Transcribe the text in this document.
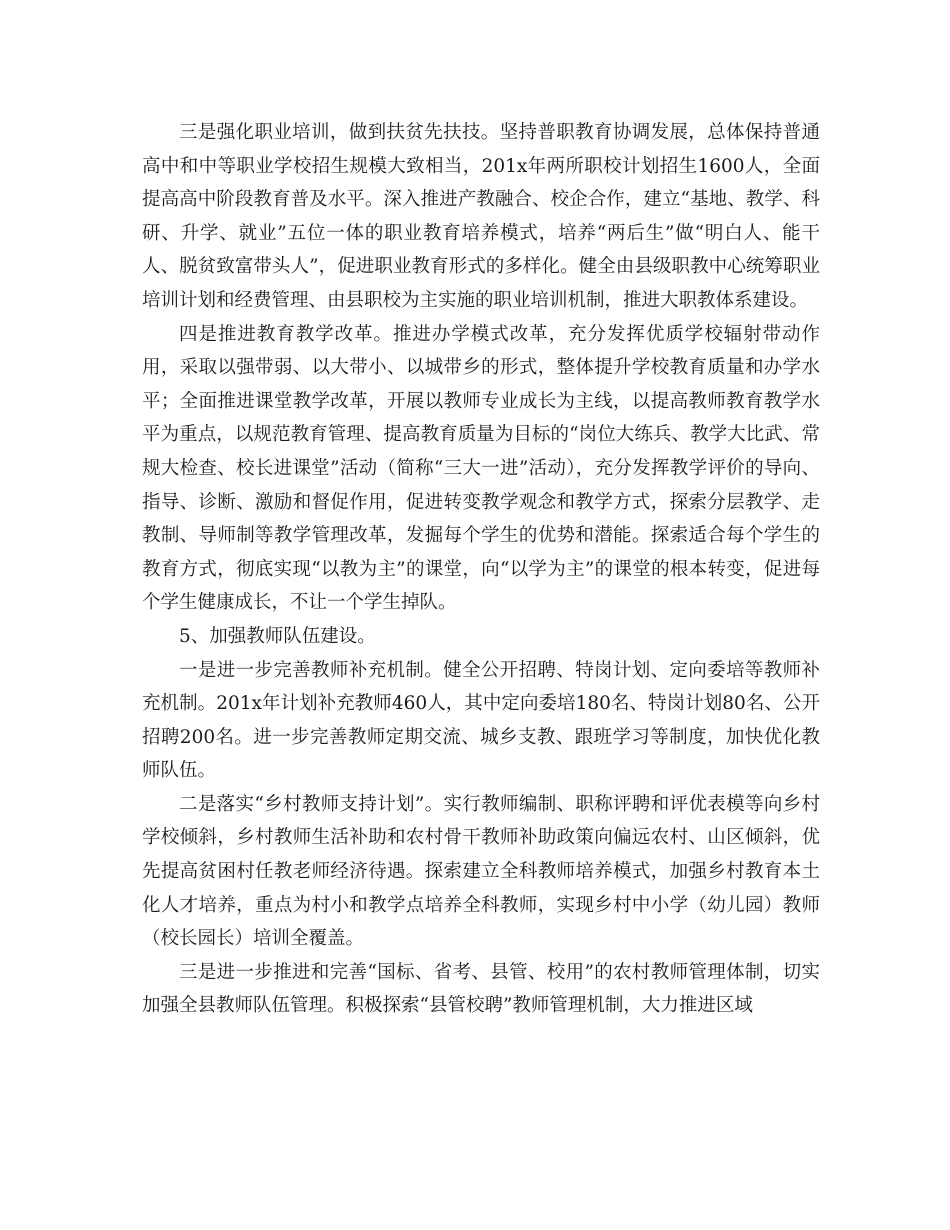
三是强化职业培训，做到扶贫先扶技。坚持普职教育协调发展，总体保持普通高中和中等职业学校招生规模大致相当，201x年两所职校计划招生1600人，全面提高高中阶段教育普及水平。深入推进产教融合、校企合作，建立“基地、教学、科研、升学、就业”五位一体的职业教育培养模式，培养“两后生”做“明白人、能干人、脱贫致富带头人”，促进职业教育形式的多样化。健全由县级职教中心统筹职业培训计划和经费管理、由县职校为主实施的职业培训机制，推进大职教体系建设。

四是推进教育教学改革。推进办学模式改革，充分发挥优质学校辐射带动作用，采取以强带弱、以大带小、以城带乡的形式，整体提升学校教育质量和办学水平；全面推进课堂教学改革，开展以教师专业成长为主线，以提高教师教育教学水平为重点，以规范教育管理、提高教育质量为目标的“岗位大练兵、教学大比武、常规大检查、校长进课堂”活动（简称“三大一进”活动），充分发挥教学评价的导向、指导、诊断、激励和督促作用，促进转变教学观念和教学方式，探索分层教学、走教制、导师制等教学管理改革，发掘每个学生的优势和潜能。探索适合每个学生的教育方式，彻底实现“以教为主”的课堂，向“以学为主”的课堂的根本转变，促进每个学生健康成长，不让一个学生掉队。

5、加强教师队伍建设。

一是进一步完善教师补充机制。健全公开招聘、特岗计划、定向委培等教师补充机制。201x年计划补充教师460人，其中定向委培180名、特岗计划80名、公开招聘200名。进一步完善教师定期交流、城乡支教、跟班学习等制度，加快优化教师队伍。

二是落实“乡村教师支持计划”。实行教师编制、职称评聘和评优表模等向乡村学校倾斜，乡村教师生活补助和农村骨干教师补助政策向偏远农村、山区倾斜，优先提高贫困村任教老师经济待遇。探索建立全科教师培养模式，加强乡村教育本土化人才培养，重点为村小和教学点培养全科教师，实现乡村中小学（幼儿园）教师（校长园长）培训全覆盖。

三是进一步推进和完善“国标、省考、县管、校用”的农村教师管理体制，切实加强全县教师队伍管理。积极探索“县管校聘”教师管理机制，大力推进区域
